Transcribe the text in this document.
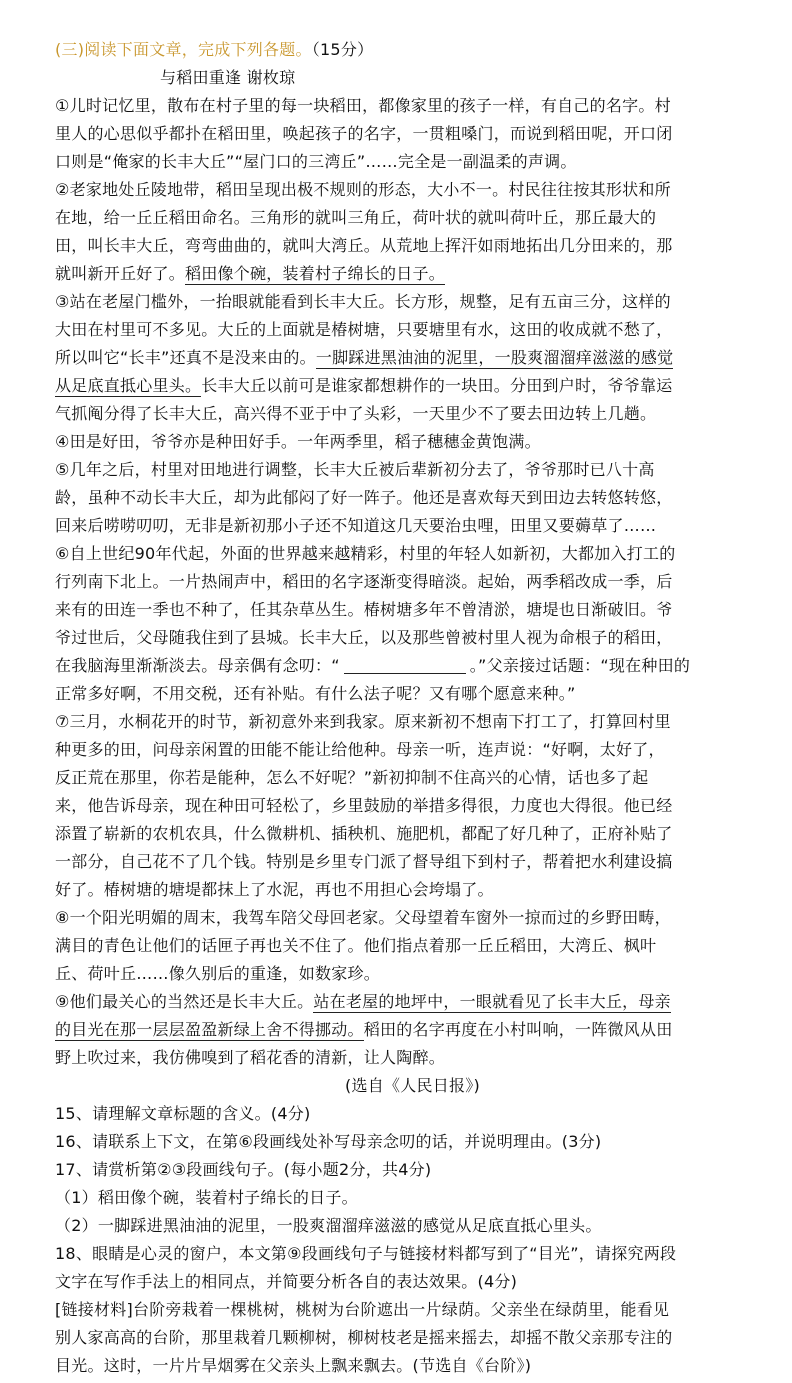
(三)阅读下面文章，完成下列各题。（15分）
与稻田重逢 谢枚琼
①儿时记忆里，散布在村子里的每一块稻田，都像家里的孩子一样，有自己的名字。村
里人的心思似乎都扑在稻田里，唤起孩子的名字，一贯粗嗓门，而说到稻田呢，开口闭
口则是“俺家的长丰大丘”“屋门口的三湾丘”……完全是一副温柔的声调。
②老家地处丘陵地带，稻田呈现出极不规则的形态，大小不一。村民往往按其形状和所
在地，给一丘丘稻田命名。三角形的就叫三角丘，荷叶状的就叫荷叶丘，那丘最大的
田，叫长丰大丘，弯弯曲曲的，就叫大湾丘。从荒地上挥汗如雨地拓出几分田来的，那
就叫新开丘好了。稻田像个碗，装着村子绵长的日子。
③站在老屋门槛外，一抬眼就能看到长丰大丘。长方形，规整，足有五亩三分，这样的
大田在村里可不多见。大丘的上面就是椿树塘，只要塘里有水，这田的收成就不愁了，
所以叫它“长丰”还真不是没来由的。一脚踩进黑油油的泥里，一股爽溜溜痒滋滋的感觉
从足底直抵心里头。长丰大丘以前可是谁家都想耕作的一块田。分田到户时，爷爷靠运
气抓阄分得了长丰大丘，高兴得不亚于中了头彩，一天里少不了要去田边转上几趟。
④田是好田，爷爷亦是种田好手。一年两季里，稻子穗穗金黄饱满。
⑤几年之后，村里对田地进行调整，长丰大丘被后辈新初分去了，爷爷那时已八十高
龄，虽种不动长丰大丘，却为此郁闷了好一阵子。他还是喜欢每天到田边去转悠转悠，
回来后唠唠叨叨，无非是新初那小子还不知道这几天要治虫哩，田里又要薅草了……
⑥自上世纪90年代起，外面的世界越来越精彩，村里的年轻人如新初，大都加入打工的
行列南下北上。一片热闹声中，稻田的名字逐渐变得暗淡。起始，两季稻改成一季，后
来有的田连一季也不种了，任其杂草丛生。椿树塘多年不曾清淤，塘堤也日渐破旧。爷
爷过世后，父母随我住到了县城。长丰大丘，以及那些曾被村里人视为命根子的稻田，
在我脑海里渐渐淡去。母亲偶有念叨：“	。”父亲接过话题：“现在种田的
正常多好啊，不用交税，还有补贴。有什么法子呢？又有哪个愿意来种。”
⑦三月，水桐花开的时节，新初意外来到我家。原来新初不想南下打工了，打算回村里
种更多的田，问母亲闲置的田能不能让给他种。母亲一听，连声说：“好啊，太好了，
反正荒在那里，你若是能种，怎么不好呢？”新初抑制不住高兴的心情，话也多了起
来，他告诉母亲，现在种田可轻松了，乡里鼓励的举措多得很，力度也大得很。他已经
添置了崭新的农机农具，什么微耕机、插秧机、施肥机，都配了好几种了，正府补贴了
一部分，自己花不了几个钱。特别是乡里专门派了督导组下到村子，帮着把水利建设搞
好了。椿树塘的塘堤都抹上了水泥，再也不用担心会垮塌了。
⑧一个阳光明媚的周末，我驾车陪父母回老家。父母望着车窗外一掠而过的乡野田畴，
满目的青色让他们的话匣子再也关不住了。他们指点着那一丘丘稻田，大湾丘、枫叶
丘、荷叶丘……像久别后的重逢，如数家珍。
⑨他们最关心的当然还是长丰大丘。站在老屋的地坪中，一眼就看见了长丰大丘，母亲
的目光在那一层层盈盈新绿上舍不得挪动。稻田的名字再度在小村叫响，一阵微风从田
野上吹过来，我仿佛嗅到了稻花香的清新，让人陶醉。
(选自《人民日报》)
15、请理解文章标题的含义。(4分)
16、请联系上下文，在第⑥段画线处补写母亲念叨的话，并说明理由。(3分)
17、请赏析第②③段画线句子。(每小题2分，共4分)
（1）稻田像个碗，装着村子绵长的日子。
（2）一脚踩进黑油油的泥里，一股爽溜溜痒滋滋的感觉从足底直抵心里头。
18、眼睛是心灵的窗户，本文第⑨段画线句子与链接材料都写到了“目光”，请探究两段
文字在写作手法上的相同点，并简要分析各自的表达效果。(4分)
[链接材料]台阶旁栽着一棵桃树，桃树为台阶遮出一片绿荫。父亲坐在绿荫里，能看见
别人家高高的台阶，那里栽着几颗柳树，柳树枝老是摇来摇去，却摇不散父亲那专注的
目光。这时，一片片旱烟雾在父亲头上飘来飘去。(节选自《台阶》)
